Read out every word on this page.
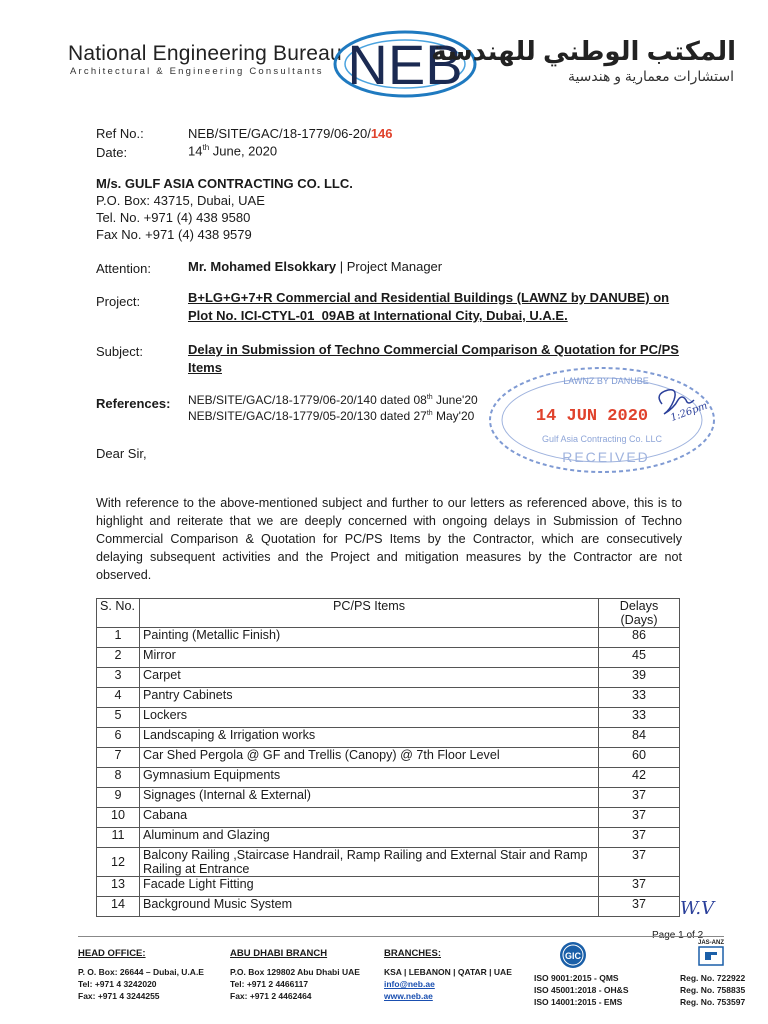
National Engineering Bureau
Architectural & Engineering Consultants NEB
المكتب الوطني للهندسة
استشارات معمارية و هندسية
Ref No.:	NEB/SITE/GAC/18-1779/06-20/146
Date:	14th June, 2020
M/s. GULF ASIA CONTRACTING CO. LLC.
P.O. Box: 43715, Dubai, UAE
Tel. No. +971 (4) 438 9580
Fax No. +971 (4) 438 9579
Attention:	Mr. Mohamed Elsokkary | Project Manager
Project:	B+LG+G+7+R Commercial and Residential Buildings (LAWNZ by DANUBE) on
Plot No. ICI-CTYL-01_09AB at International City, Dubai, U.A.E.
Subject:	Delay in Submission of Techno Commercial Comparison & Quotation for PC/PS
Items
References: NEB/SITE/GAC/18-1779/06-20/140 dated 08th June'20
NEB/SITE/GAC/18-1779/05-20/130 dated 27th May'20
LAWNZ BY DANUBE
14 JUN 2020
Gulf Asia Contracting Co. LLC
RECEIVED
1:26pm
Dear Sir,
With reference to the above-mentioned subject and further to our letters as referenced above, this is to highlight and reiterate that we are deeply concerned with ongoing delays in Submission of Techno Commercial Comparison & Quotation for PC/PS Items by the Contractor, which are consecutively delaying subsequent activities and the Project and mitigation measures by the Contractor are not observed.
S. No.	PC/PS Items	Delays (Days)
1	Painting (Metallic Finish)	86
2	Mirror	45
3	Carpet	39
4	Pantry Cabinets	33
5	Lockers	33
6	Landscaping & Irrigation works	84
7	Car Shed Pergola @ GF and Trellis (Canopy) @ 7th Floor Level	60
8	Gymnasium Equipments	42
9	Signages (Internal & External)	37
10	Cabana	37
11	Aluminum and Glazing	37
12	Balcony Railing ,Staircase Handrail, Ramp Railing and External Stair and Ramp Railing at Entrance	37
13	Facade Light Fitting	37
14	Background Music System	37 W.V
HEAD OFFICE:
P. O. Box: 26644 – Dubai, U.A.E
Tel: +971 4 3242020
Fax: +971 4 3244255
ABU DHABI BRANCH
P.O. Box 129802 Abu Dhabi UAE
Tel: +971 2 4466117
Fax: +971 2 4462464
BRANCHES:
KSA | LEBANON | QATAR | UAE
info@neb.ae
www.neb.ae
GIC
ISO 9001:2015 - QMS
ISO 45001:2018 - OH&S
ISO 14001:2015 - EMS
JAS-ANZ
Reg. No. 722922
Reg. No. 758835
Reg. No. 753597
